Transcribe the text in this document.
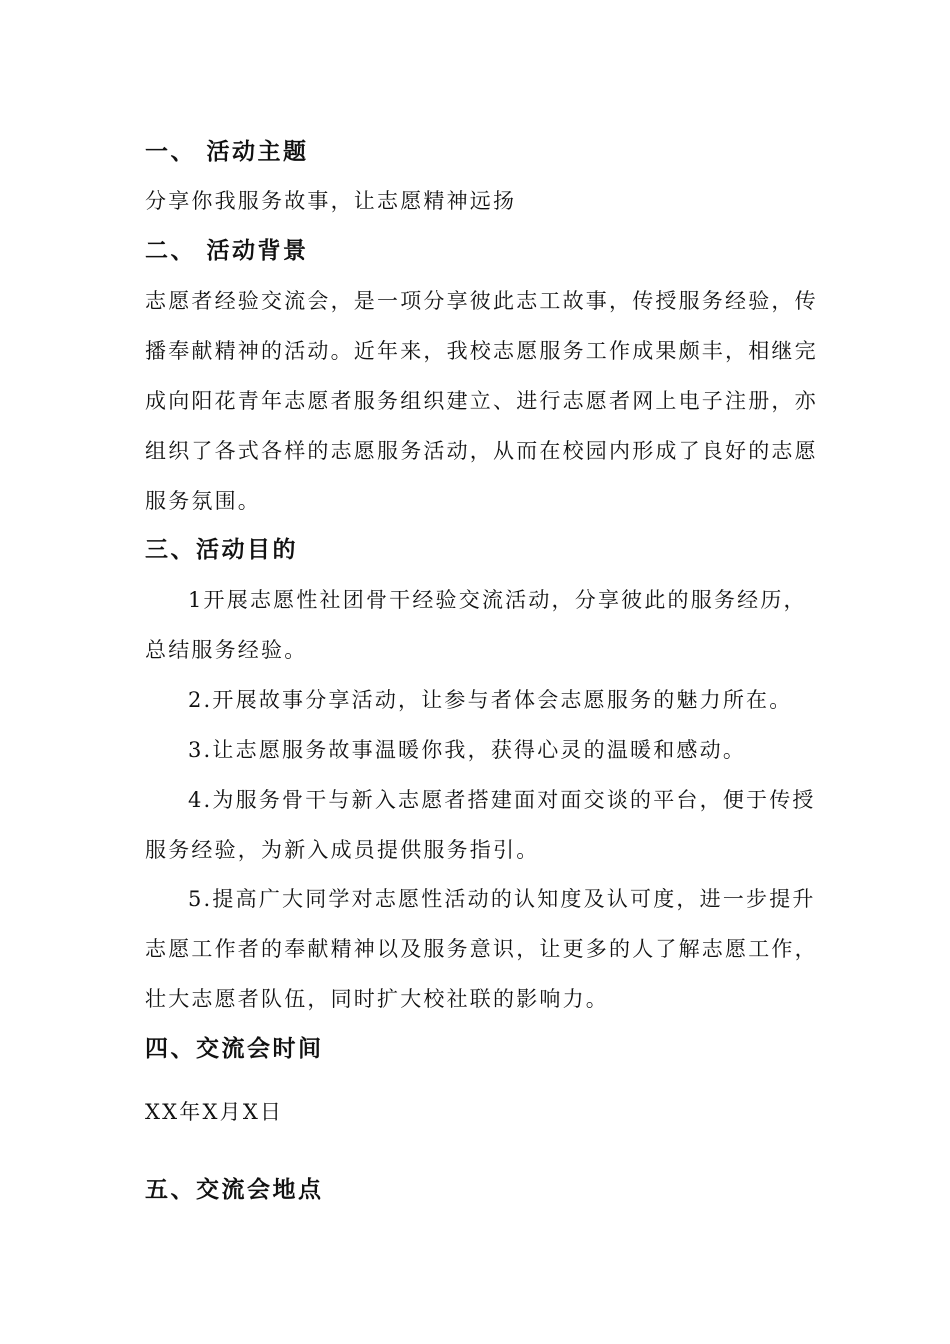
一、 活动主题
分享你我服务故事，让志愿精神远扬
二、 活动背景
志愿者经验交流会，是一项分享彼此志工故事，传授服务经验，传
播奉献精神的活动。近年来，我校志愿服务工作成果颇丰，相继完
成向阳花青年志愿者服务组织建立、进行志愿者网上电子注册，亦
组织了各式各样的志愿服务活动，从而在校园内形成了良好的志愿
服务氛围。
三、活动目的
1开展志愿性社团骨干经验交流活动，分享彼此的服务经历，
总结服务经验。
2.开展故事分享活动，让参与者体会志愿服务的魅力所在。
3.让志愿服务故事温暖你我，获得心灵的温暖和感动。
4.为服务骨干与新入志愿者搭建面对面交谈的平台，便于传授
服务经验，为新入成员提供服务指引。
5.提高广大同学对志愿性活动的认知度及认可度，进一步提升
志愿工作者的奉献精神以及服务意识，让更多的人了解志愿工作，
壮大志愿者队伍，同时扩大校社联的影响力。
四、交流会时间
XX年X月X日
五、交流会地点
